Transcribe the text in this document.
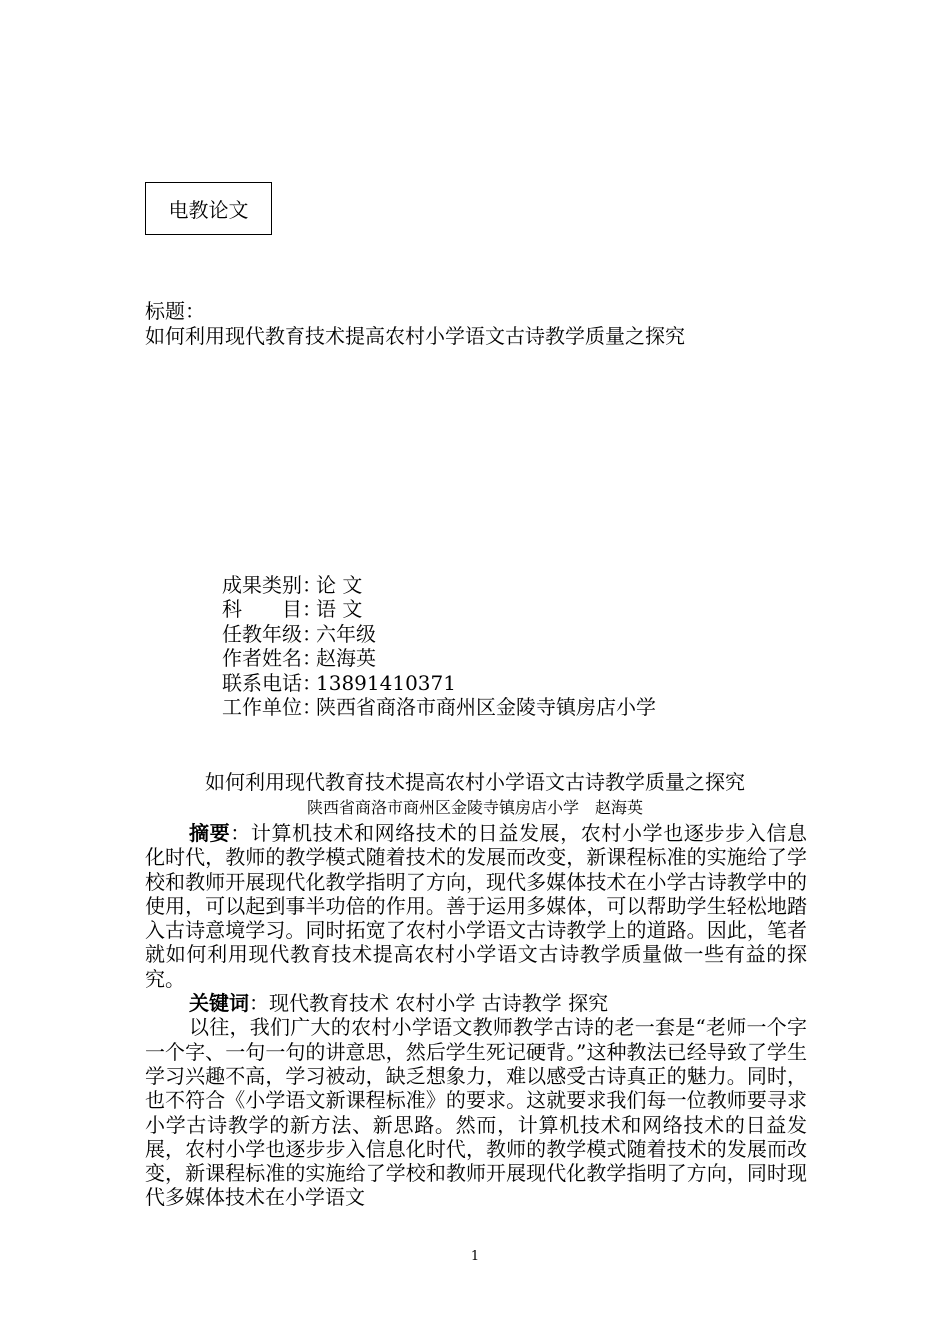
电教论文
标题：
如何利用现代教育技术提高农村小学语文古诗教学质量之探究
成果类别：论 文
科　　目：语 文
任教年级：六年级
作者姓名：赵海英
联系电话：13891410371
工作单位：陕西省商洛市商州区金陵寺镇房店小学
如何利用现代教育技术提高农村小学语文古诗教学质量之探究
陕西省商洛市商州区金陵寺镇房店小学　赵海英

摘要：计算机技术和网络技术的日益发展，农村小学也逐步步入信息化时代，教师的教学模式随着技术的发展而改变，新课程标准的实施给了学校和教师开展现代化教学指明了方向，现代多媒体技术在小学古诗教学中的使用，可以起到事半功倍的作用。善于运用多媒体，可以帮助学生轻松地踏入古诗意境学习。同时拓宽了农村小学语文古诗教学上的道路。因此，笔者就如何利用现代教育技术提高农村小学语文古诗教学质量做一些有益的探究。

关键词：现代教育技术 农村小学 古诗教学 探究

以往，我们广大的农村小学语文教师教学古诗的老一套是“老师一个字一个字、一句一句的讲意思，然后学生死记硬背。”这种教法已经导致了学生学习兴趣不高，学习被动，缺乏想象力，难以感受古诗真正的魅力。同时，也不符合《小学语文新课程标准》的要求。这就要求我们每一位教师要寻求小学古诗教学的新方法、新思路。然而，计算机技术和网络技术的日益发展，农村小学也逐步步入信息化时代，教师的教学模式随着技术的发展而改变，新课程标准的实施给了学校和教师开展现代化教学指明了方向，同时现代多媒体技术在小学语文

1
